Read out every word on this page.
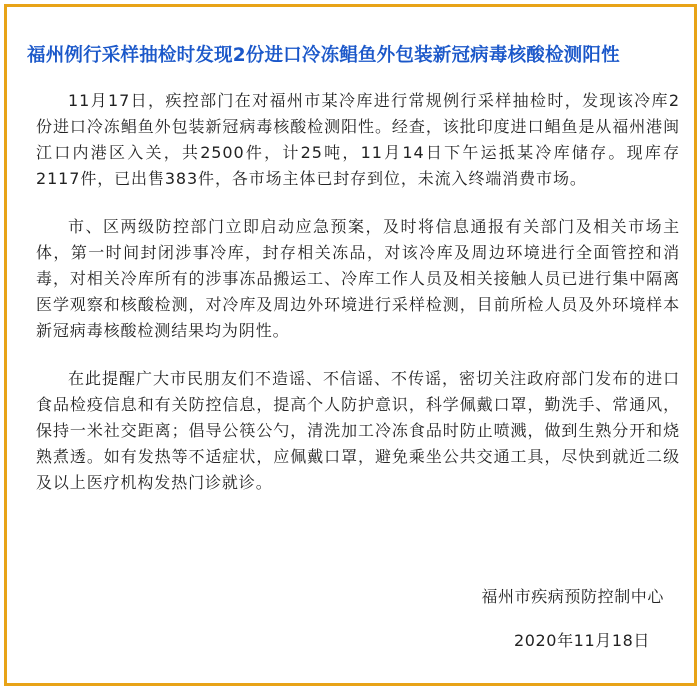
福州例行采样抽检时发现2份进口冷冻鲳鱼外包装新冠病毒核酸检测阳性

11月17日，疾控部门在对福州市某冷库进行常规例行采样抽检时，发现该冷库2份进口冷冻鲳鱼外包装新冠病毒核酸检测阳性。经查，该批印度进口鲳鱼是从福州港闽江口内港区入关，共2500件，计25吨，11月14日下午运抵某冷库储存。现库存2117件，已出售383件，各市场主体已封存到位，未流入终端消费市场。

市、区两级防控部门立即启动应急预案，及时将信息通报有关部门及相关市场主体，第一时间封闭涉事冷库，封存相关冻品，对该冷库及周边环境进行全面管控和消毒，对相关冷库所有的涉事冻品搬运工、冷库工作人员及相关接触人员已进行集中隔离医学观察和核酸检测，对冷库及周边外环境进行采样检测，目前所检人员及外环境样本新冠病毒核酸检测结果均为阴性。

在此提醒广大市民朋友们不造谣、不信谣、不传谣，密切关注政府部门发布的进口食品检疫信息和有关防控信息，提高个人防护意识，科学佩戴口罩，勤洗手、常通风，保持一米社交距离；倡导公筷公勺，清洗加工冷冻食品时防止喷溅，做到生熟分开和烧熟煮透。如有发热等不适症状，应佩戴口罩，避免乘坐公共交通工具，尽快到就近二级及以上医疗机构发热门诊就诊。

福州市疾病预防控制中心
2020年11月18日
